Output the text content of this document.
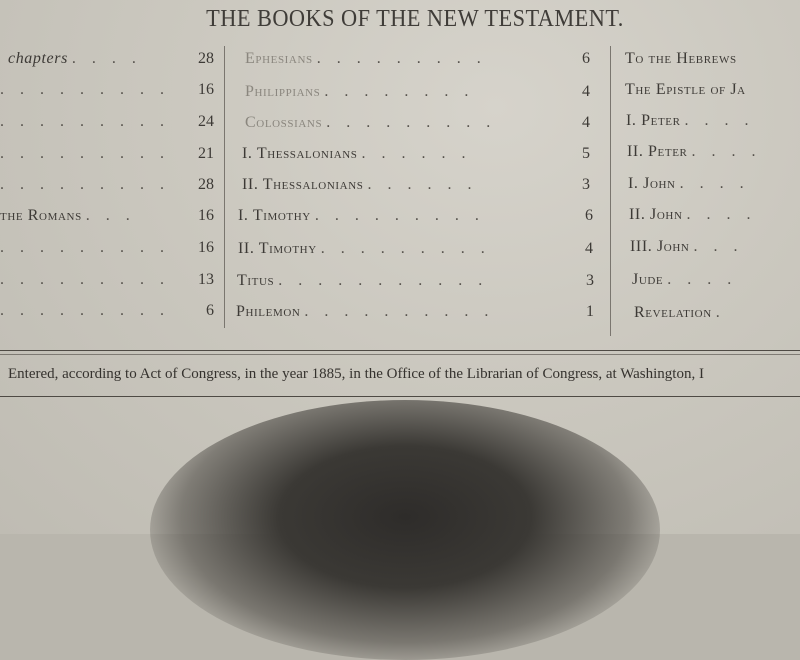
THE BOOKS OF THE NEW TESTAMENT.
chapters . . . .	28
. . . . . . . . . 16
. . . . . . . . . 24
. . . . . . . . . 21
. . . . . . . . . 28
the Romans . . .	16
. . . . . . . . . 16
. . . . . . . . . 13
. . . . . . . . . 6
Ephesians . . . . . . . . .	6
Philippians . . . . . . . .	4
Colossians . . . . . . . . .	4
I. Thessalonians . . . . . .	5
II. Thessalonians . . . . . .	3
I. Timothy . . . . . . . . .	6
II. Timothy . . . . . . . . .	4
Titus . . . . . . . . . . .	3
Philemon . . . . . . . . . .	1
To the Hebrews
The Epistle of Ja
I. Peter . . . .
II. Peter . . . .
I. John . . . .
II. John . . . .
III. John . . .
Jude . . . .
Revelation .
Entered, according to Act of Congress, in the year 1885, in the Office of the Librarian of Congress, at Washington, I
